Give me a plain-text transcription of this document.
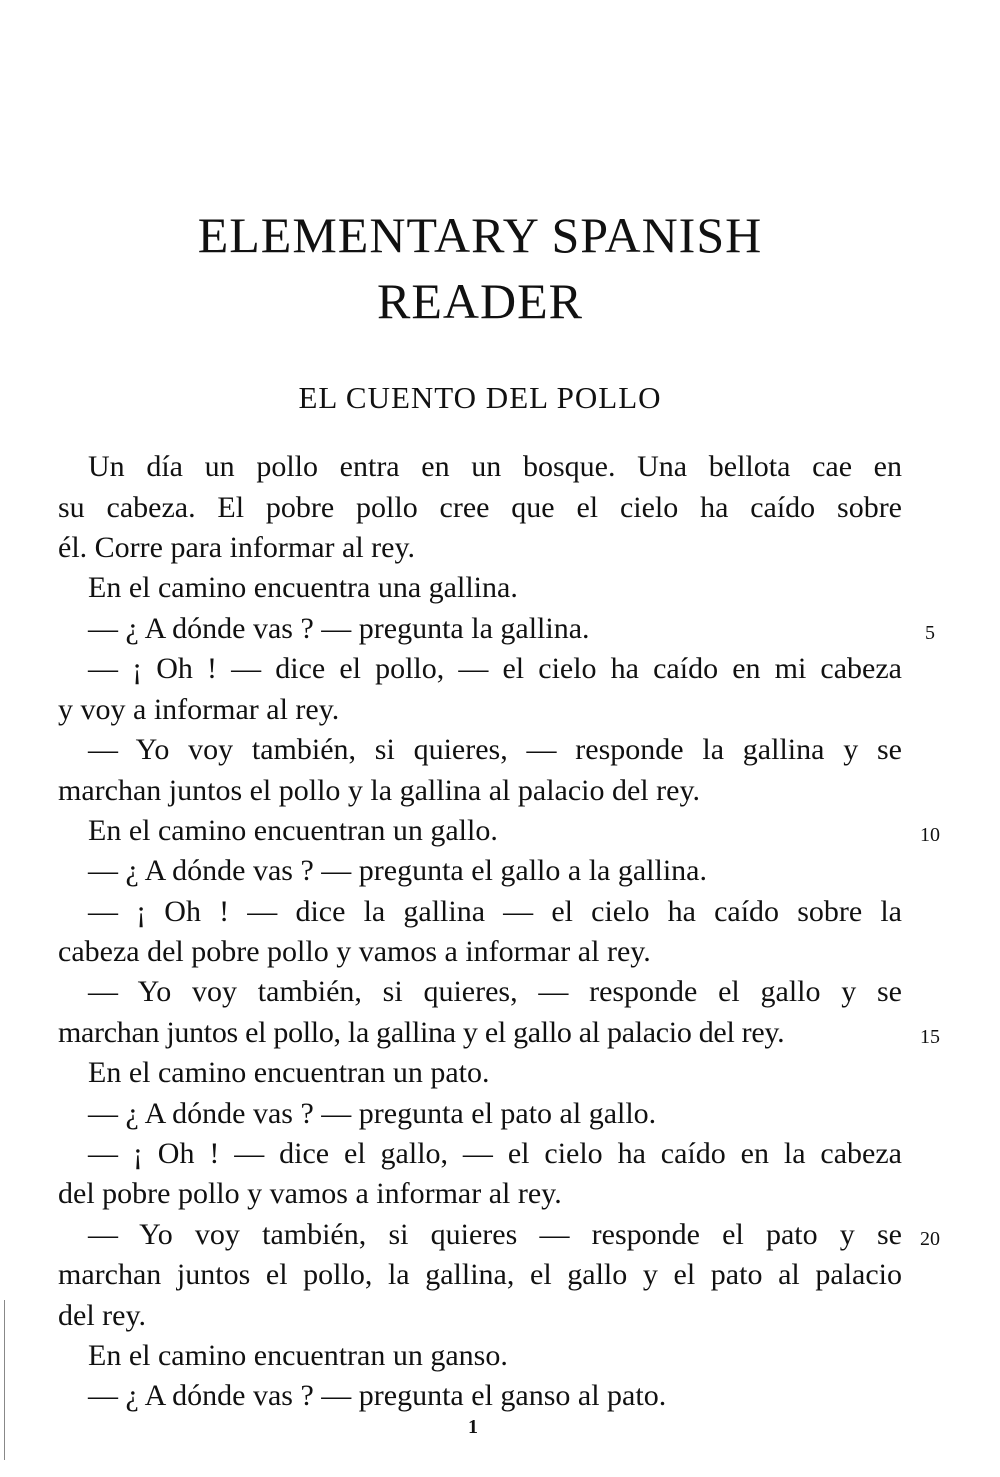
ELEMENTARY SPANISH
READER
EL CUENTO DEL POLLO
Un día un pollo entra en un bosque. Una bellota cae en
su cabeza. El pobre pollo cree que el cielo ha caído sobre
él. Corre para informar al rey.
En el camino encuentra una gallina.
— ¿ A dónde vas ? — pregunta la gallina.
— ¡ Oh ! — dice el pollo, — el cielo ha caído en mi cabeza
y voy a informar al rey.
— Yo voy también, si quieres, — responde la gallina y se
marchan juntos el pollo y la gallina al palacio del rey.
En el camino encuentran un gallo.
— ¿ A dónde vas ? — pregunta el gallo a la gallina.
— ¡ Oh ! — dice la gallina — el cielo ha caído sobre la
cabeza del pobre pollo y vamos a informar al rey.
— Yo voy también, si quieres, — responde el gallo y se
marchan juntos el pollo, la gallina y el gallo al palacio del rey.
En el camino encuentran un pato.
— ¿ A dónde vas ? — pregunta el pato al gallo.
— ¡ Oh ! — dice el gallo, — el cielo ha caído en la cabeza
del pobre pollo y vamos a informar al rey.
— Yo voy también, si quieres — responde el pato y se
marchan juntos el pollo, la gallina, el gallo y el pato al palacio
del rey.
En el camino encuentran un ganso.
— ¿ A dónde vas ? — pregunta el ganso al pato.
5
10
15
20
1
